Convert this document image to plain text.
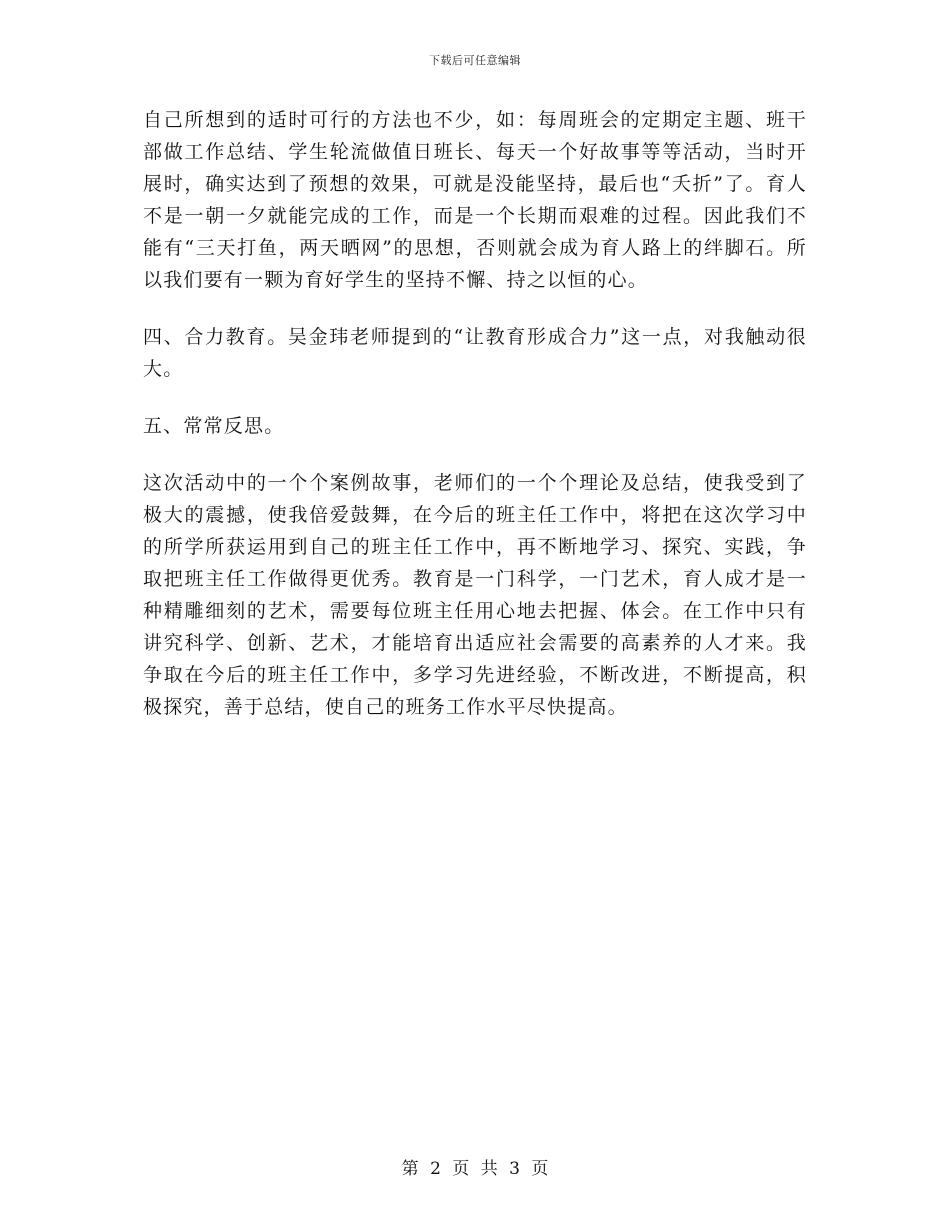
下载后可任意编辑

自己所想到的适时可行的方法也不少，如：每周班会的定期定主题、班干部做工作总结、学生轮流做值日班长、每天一个好故事等等活动，当时开展时，确实达到了预想的效果，可就是没能坚持，最后也“夭折”了。育人不是一朝一夕就能完成的工作，而是一个长期而艰难的过程。因此我们不能有“三天打鱼，两天晒网”的思想，否则就会成为育人路上的绊脚石。所以我们要有一颗为育好学生的坚持不懈、持之以恒的心。

四、合力教育。吴金玮老师提到的“让教育形成合力”这一点，对我触动很大。

五、常常反思。

这次活动中的一个个案例故事，老师们的一个个理论及总结，使我受到了极大的震撼，使我倍爱鼓舞，在今后的班主任工作中，将把在这次学习中的所学所获运用到自己的班主任工作中，再不断地学习、探究、实践，争取把班主任工作做得更优秀。教育是一门科学，一门艺术，育人成才是一种精雕细刻的艺术，需要每位班主任用心地去把握、体会。在工作中只有讲究科学、创新、艺术，才能培育出适应社会需要的高素养的人才来。我争取在今后的班主任工作中，多学习先进经验，不断改进，不断提高，积极探究，善于总结，使自己的班务工作水平尽快提高。

第 2 页 共 3 页
